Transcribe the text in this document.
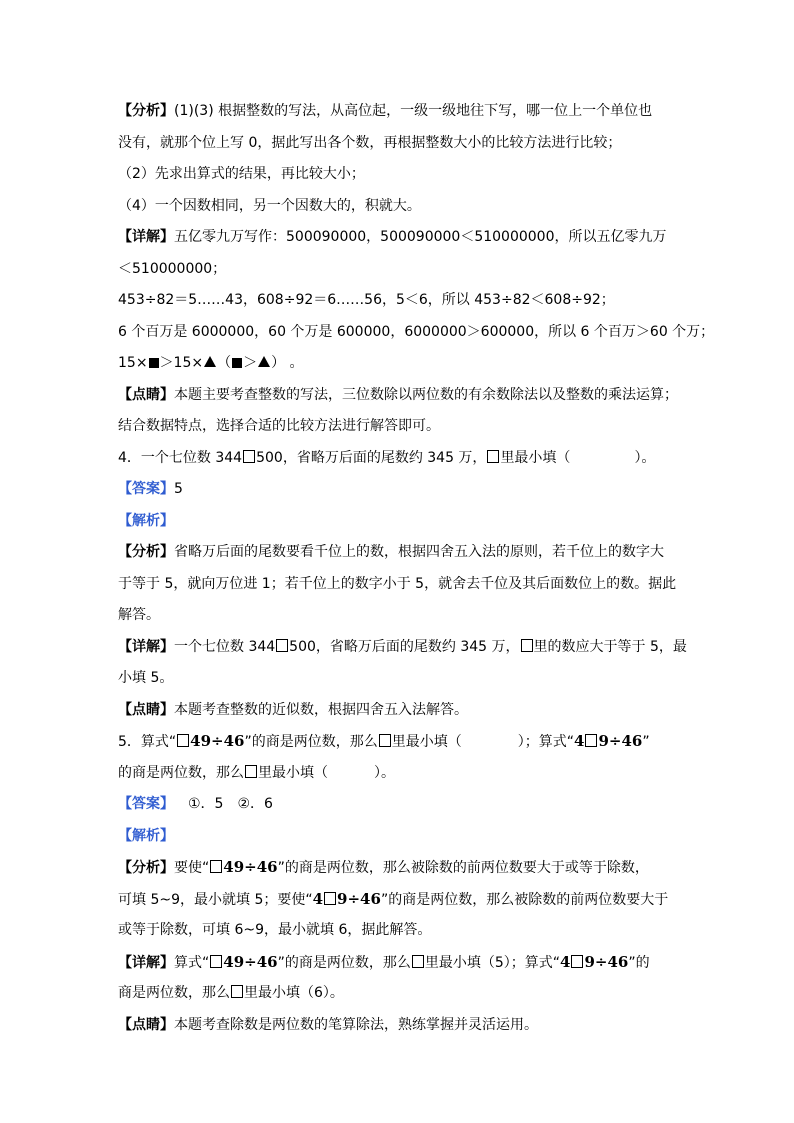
【分析】(1)(3) 根据整数的写法，从高位起，一级一级地往下写，哪一位上一个单位也
没有，就那个位上写 0，据此写出各个数，再根据整数大小的比较方法进行比较；
（2）先求出算式的结果，再比较大小；
（4）一个因数相同，另一个因数大的，积就大。
【详解】五亿零九万写作：500090000，500090000＜510000000，所以五亿零九万
＜510000000；
453÷82＝5……43，608÷92＝6……56，5＜6，所以 453÷82＜608÷92；
6 个百万是 6000000，60 个万是 600000，6000000＞600000，所以 6 个百万＞60 个万；
15× ＞15× （ ＞ ） 。
【点睛】本题主要考查整数的写法，三位数除以两位数的有余数除法以及整数的乘法运算；
结合数据特点，选择合适的比较方法进行解答即可。
4．一个七位数 344 500，省略万后面的尾数约 345 万， 里最小填（	）。
【答案】5
【解析】
【分析】省略万后面的尾数要看千位上的数，根据四舍五入法的原则，若千位上的数字大
于等于 5，就向万位进 1；若千位上的数字小于 5，就舍去千位及其后面数位上的数。据此
解答。
【详解】一个七位数 344 500，省略万后面的尾数约 345 万， 里的数应大于等于 5，最
小填 5。
【点睛】本题考查整数的近似数，根据四舍五入法解答。
5．算式“ 49÷46”的商是两位数，那么 里最小填（	）；算式“4 9÷46”
的商是两位数，那么 里最小填（	）。
【答案】 ①．5 ②．6
【解析】
【分析】要使“ 49÷46”的商是两位数，那么被除数的前两位数要大于或等于除数，
可填 5~9，最小就填 5；要使“4 9÷46”的商是两位数，那么被除数的前两位数要大于
或等于除数，可填 6~9，最小就填 6，据此解答。
【详解】算式“ 49÷46”的商是两位数，那么 里最小填（5）；算式“4 9÷46”的
商是两位数，那么 里最小填（6）。
【点睛】本题考查除数是两位数的笔算除法，熟练掌握并灵活运用。
